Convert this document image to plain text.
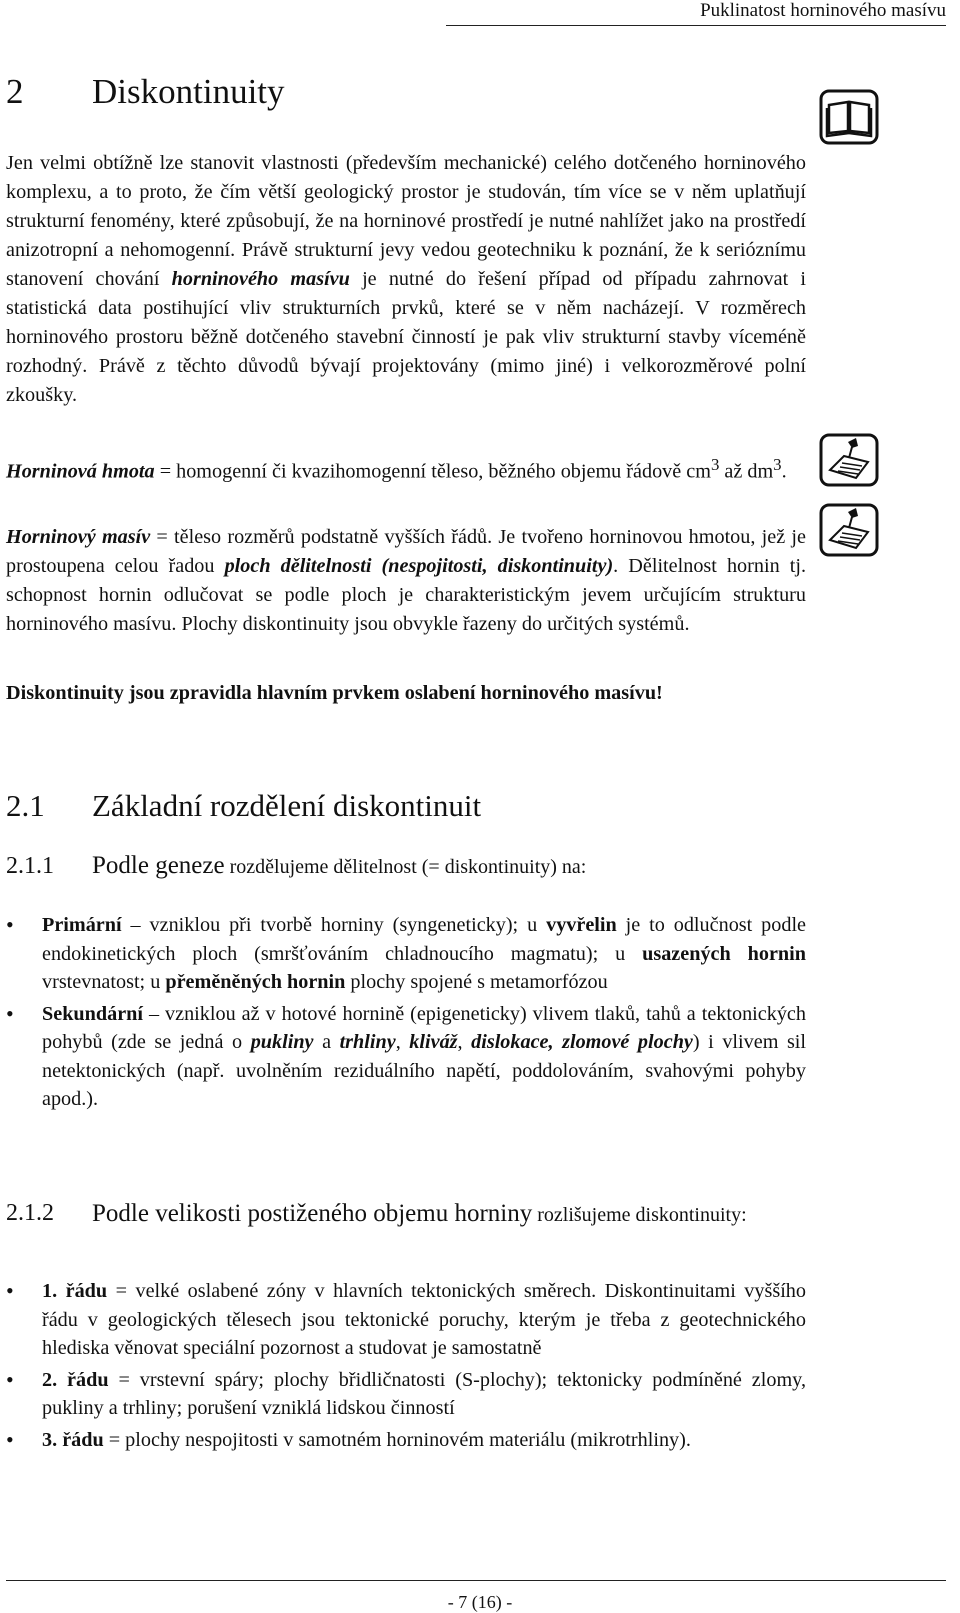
Puklinatost horninového masívu
2 Diskontinuity
Jen velmi obtížně lze stanovit vlastnosti (především mechanické) celého dotčeného horninového komplexu, a to proto, že čím větší geologický prostor je studován, tím více se v něm uplatňují strukturní fenomény, které způsobují, že na horninové prostředí je nutné nahlížet jako na prostředí anizotropní a nehomogenní. Právě strukturní jevy vedou geotechniku k poznání, že k serióznímu stanovení chování horninového masívu je nutné do řešení případ od případu zahrnovat i statistická data postihující vliv strukturních prvků, které se v něm nacházejí. V rozměrech horninového prostoru běžně dotčeného stavební činností je pak vliv strukturní stavby víceméně rozhodný. Právě z těchto důvodů bývají projektovány (mimo jiné) i velkorozměrové polní zkoušky.
Horninová hmota = homogenní či kvazihomogenní těleso, běžného objemu řádově $cm^3$ až $dm^3$.
Horninový masív = těleso rozměrů podstatně vyšších řádů. Je tvořeno horninovou hmotou, jež je prostoupena celou řadou ploch dělitelnosti (nespojitosti, diskontinuity). Dělitelnost hornin tj. schopnost hornin odlučovat se podle ploch je charakteristickým jevem určujícím strukturu horninového masívu. Plochy diskontinuity jsou obvykle řazeny do určitých systémů.
Diskontinuity jsou zpravidla hlavním prvkem oslabení horninového masívu!
2.1 Základní rozdělení diskontinuit
2.1.1 Podle geneze rozdělujeme dělitelnost (= diskontinuity) na:
• Primární – vzniklou při tvorbě horniny (syngeneticky); u vyvřelin je to odlučnost podle endokinetických ploch (smršťováním chladnoucího magmatu); u usazených hornin vrstevnatost; u přeměněných hornin plochy spojené s metamorfózou
• Sekundární – vzniklou až v hotové hornině (epigeneticky) vlivem tlaků, tahů a tektonických pohybů (zde se jedná o pukliny a trhliny, kliváž, dislokace, zlomové plochy) i vlivem sil netektonických (např. uvolněním reziduálního napětí, poddolováním, svahovými pohyby apod.).
2.1.2 Podle velikosti postiženého objemu horniny rozlišujeme diskontinuity:
• 1. řádu = velké oslabené zóny v hlavních tektonických směrech. Diskontinuitami vyššího řádu v geologických tělesech jsou tektonické poruchy, kterým je třeba z geotechnického hlediska věnovat speciální pozornost a studovat je samostatně
• 2. řádu = vrstevní spáry; plochy břidličnatosti (S-plochy); tektonicky podmíněné zlomy, pukliny a trhliny; porušení vzniklá lidskou činností
• 3. řádu = plochy nespojitosti v samotném horninovém materiálu (mikrotrhliny).
- 7 (16) -
